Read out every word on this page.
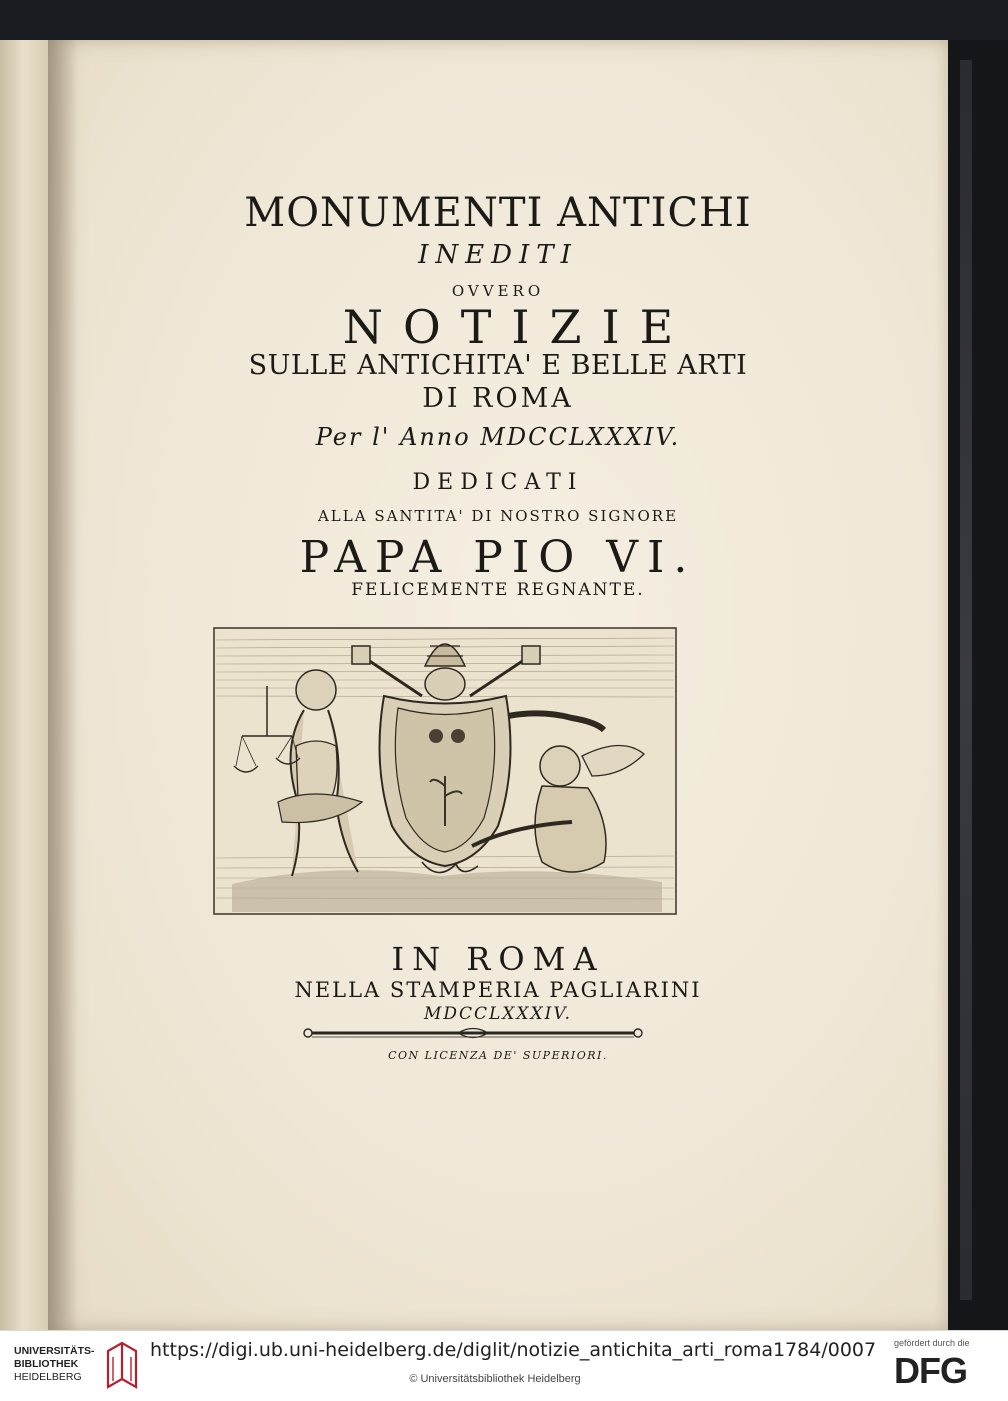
MONUMENTI ANTICHI
INEDITI
OVVERO
NOTIZIE
SULLE ANTICHITA' E BELLE ARTI
DI ROMA
Per l' Anno MDCCLXXXIV.
DEDICATI
ALLA SANTITA' DI NOSTRO SIGNORE
PAPA PIO VI.
FELICEMENTE REGNANTE.
IN ROMA
NELLA STAMPERIA PAGLIARINI
MDCCLXXXIV.
CON LICENZA DE' SUPERIORI.
UNIVERSITÄTS-
BIBLIOTHEK
HEIDELBERG
https://digi.ub.uni-heidelberg.de/diglit/notizie_antichita_arti_roma1784/0007
© Universitätsbibliothek Heidelberg
gefördert durch die
DFG
